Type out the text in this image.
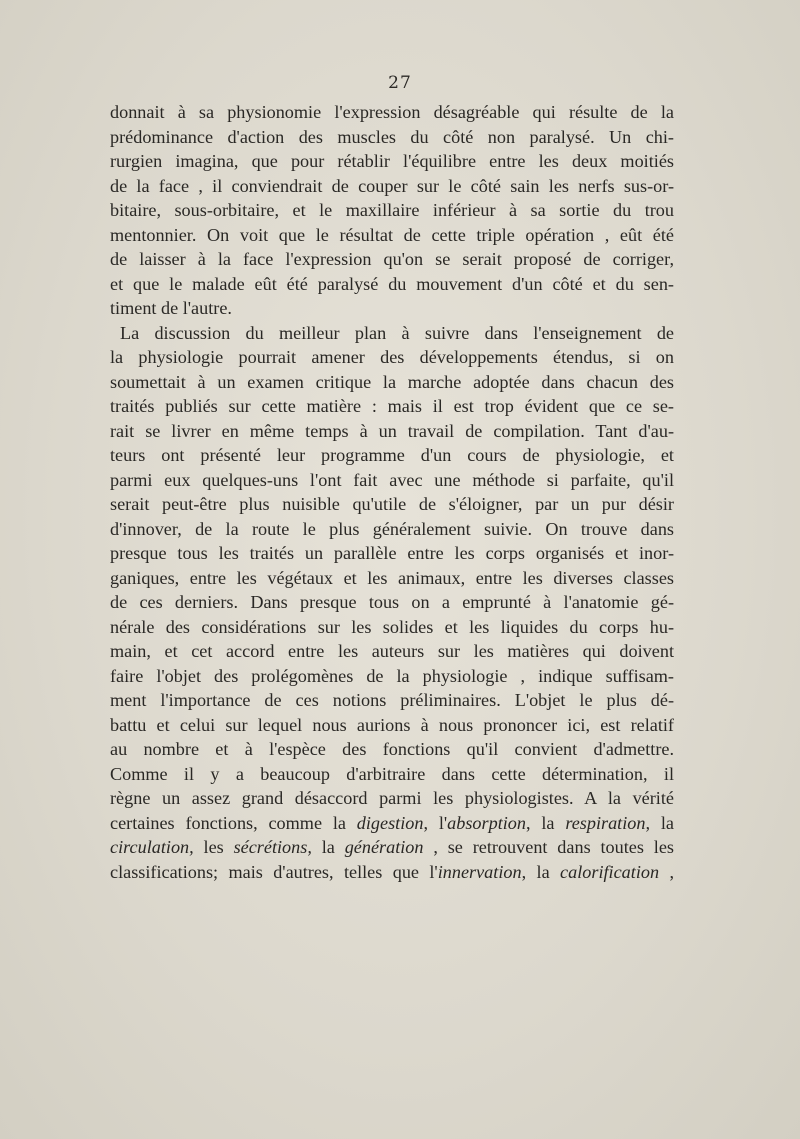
27
donnait à sa physionomie l'expression désagréable qui résulte de la
prédominance d'action des muscles du côté non paralysé. Un chi-
rurgien imagina, que pour rétablir l'équilibre entre les deux moitiés
de la face , il conviendrait de couper sur le côté sain les nerfs sus-or-
bitaire, sous-orbitaire, et le maxillaire inférieur à sa sortie du trou
mentonnier. On voit que le résultat de cette triple opération , eût été
de laisser à la face l'expression qu'on se serait proposé de corriger,
et que le malade eût été paralysé du mouvement d'un côté et du sen-
timent de l'autre.
La discussion du meilleur plan à suivre dans l'enseignement de
la physiologie pourrait amener des développements étendus, si on
soumettait à un examen critique la marche adoptée dans chacun des
traités publiés sur cette matière : mais il est trop évident que ce se-
rait se livrer en même temps à un travail de compilation. Tant d'au-
teurs ont présenté leur programme d'un cours de physiologie, et
parmi eux quelques-uns l'ont fait avec une méthode si parfaite, qu'il
serait peut-être plus nuisible qu'utile de s'éloigner, par un pur désir
d'innover, de la route le plus généralement suivie. On trouve dans
presque tous les traités un parallèle entre les corps organisés et inor-
ganiques, entre les végétaux et les animaux, entre les diverses classes
de ces derniers. Dans presque tous on a emprunté à l'anatomie gé-
nérale des considérations sur les solides et les liquides du corps hu-
main, et cet accord entre les auteurs sur les matières qui doivent
faire l'objet des prolégomènes de la physiologie , indique suffisam-
ment l'importance de ces notions préliminaires. L'objet le plus dé-
battu et celui sur lequel nous aurions à nous prononcer ici, est relatif
au nombre et à l'espèce des fonctions qu'il convient d'admettre.
Comme il y a beaucoup d'arbitraire dans cette détermination, il
règne un assez grand désaccord parmi les physiologistes. A la vérité
certaines fonctions, comme la digestion, l'absorption, la respiration, la
circulation, les sécrétions, la génération , se retrouvent dans toutes les
classifications; mais d'autres, telles que l'innervation, la calorification ,
